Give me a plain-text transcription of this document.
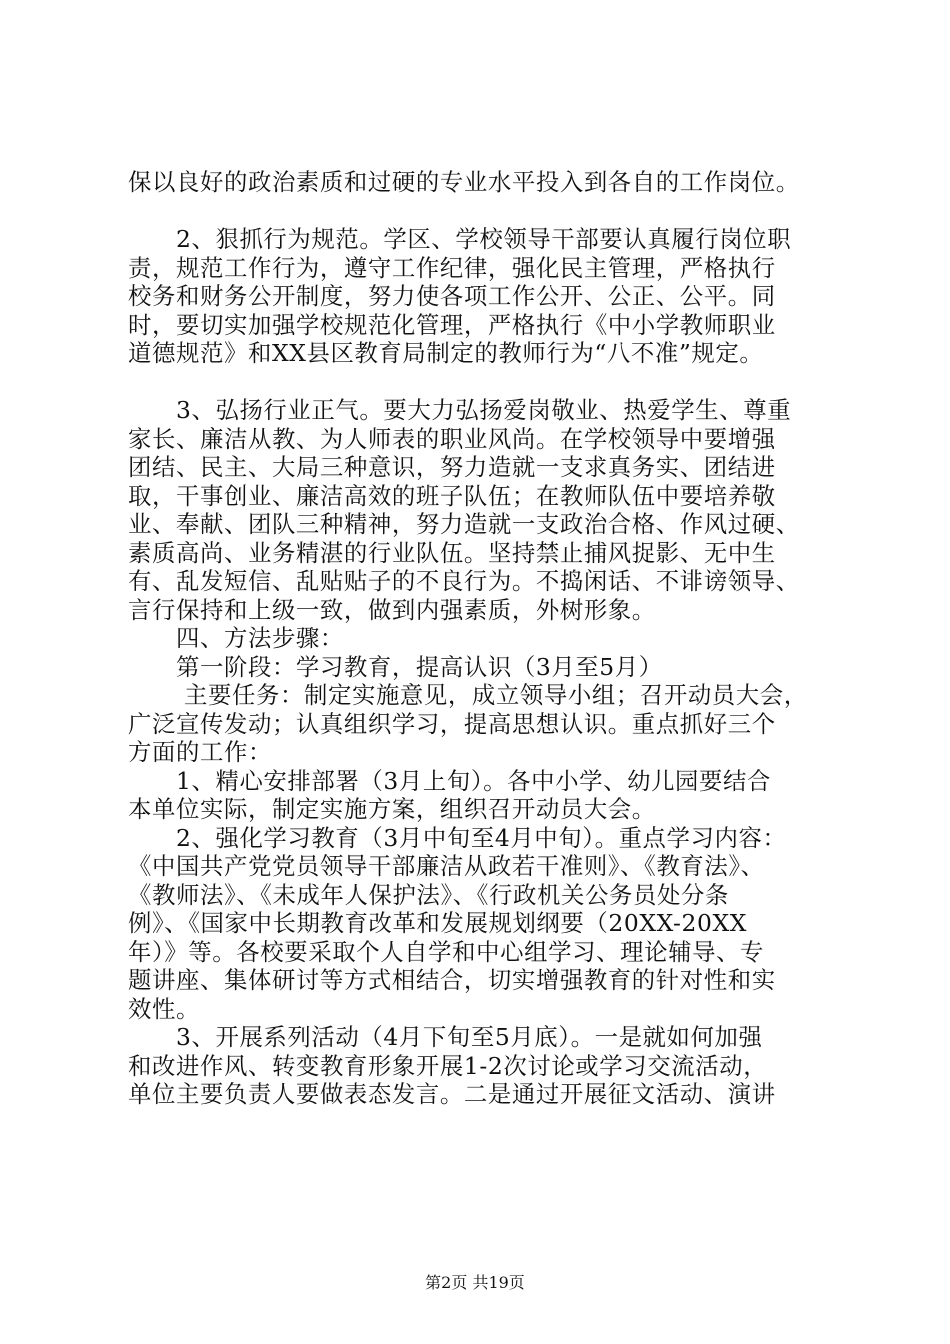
保以良好的政治素质和过硬的专业水平投入到各自的工作岗位。
　　2、狠抓行为规范。学区、学校领导干部要认真履行岗位职
责，规范工作行为，遵守工作纪律，强化民主管理，严格执行
校务和财务公开制度，努力使各项工作公开、公正、公平。同
时，要切实加强学校规范化管理，严格执行《中小学教师职业
道德规范》和XX县区教育局制定的教师行为“八不准”规定。
　　3、弘扬行业正气。要大力弘扬爱岗敬业、热爱学生、尊重
家长、廉洁从教、为人师表的职业风尚。在学校领导中要增强
团结、民主、大局三种意识，努力造就一支求真务实、团结进
取，干事创业、廉洁高效的班子队伍；在教师队伍中要培养敬
业、奉献、团队三种精神，努力造就一支政治合格、作风过硬、
素质高尚、业务精湛的行业队伍。坚持禁止捕风捉影、无中生
有、乱发短信、乱贴贴子的不良行为。不捣闲话、不诽谤领导、
言行保持和上级一致，做到内强素质，外树形象。
　　四、方法步骤：
　　第一阶段：学习教育，提高认识（3月至5月）
　　 主要任务：制定实施意见，成立领导小组；召开动员大会，
广泛宣传发动；认真组织学习，提高思想认识。重点抓好三个
方面的工作：
　　1、精心安排部署（3月上旬）。各中小学、幼儿园要结合
本单位实际，制定实施方案，组织召开动员大会。
　　2、强化学习教育（3月中旬至4月中旬）。重点学习内容：
《中国共产党党员领导干部廉洁从政若干准则》、《教育法》、
《教师法》、《未成年人保护法》、《行政机关公务员处分条
例》、《国家中长期教育改革和发展规划纲要（20XX-20XX
年）》等。各校要采取个人自学和中心组学习、理论辅导、专
题讲座、集体研讨等方式相结合，切实增强教育的针对性和实
效性。
　　3、开展系列活动（4月下旬至5月底）。一是就如何加强
和改进作风、转变教育形象开展1-2次讨论或学习交流活动，
单位主要负责人要做表态发言。二是通过开展征文活动、演讲
第2页 共19页
